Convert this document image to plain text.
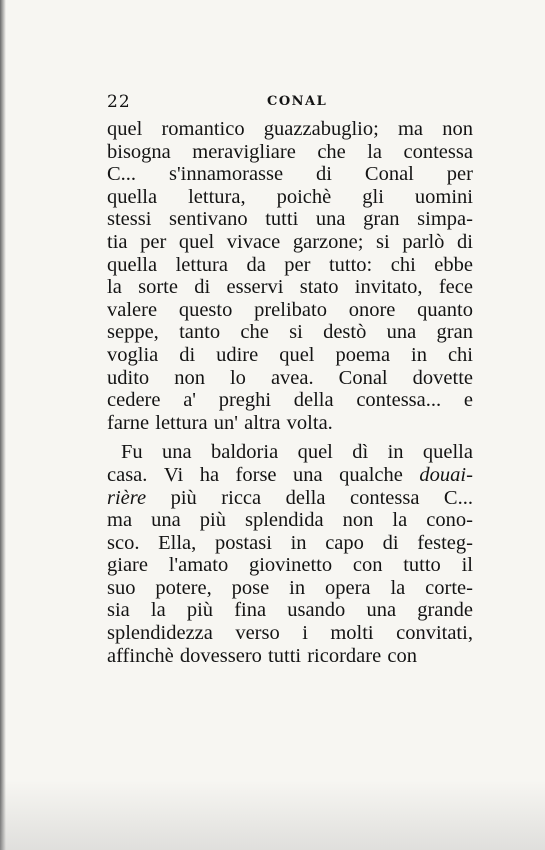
22	CONAL
quel romantico guazzabuglio; ma non
bisogna meravigliare che la contessa
C... s'innamorasse di Conal per
quella lettura, poichè gli uomini
stessi sentivano tutti una gran simpa-
tia per quel vivace garzone; si parlò di
quella lettura da per tutto: chi ebbe
la sorte di esservi stato invitato, fece
valere questo prelibato onore quanto
seppe, tanto che si destò una gran
voglia di udire quel poema in chi
udito non lo avea. Conal dovette
cedere a' preghi della contessa... e
farne lettura un' altra volta.
Fu una baldoria quel dì in quella
casa. Vi ha forse una qualche douai-
rière più ricca della contessa C...
ma una più splendida non la cono-
sco. Ella, postasi in capo di festeg-
giare l'amato giovinetto con tutto il
suo potere, pose in opera la corte-
sia la più fina usando una grande
splendidezza verso i molti convitati,
affinchè dovessero tutti ricordare con
